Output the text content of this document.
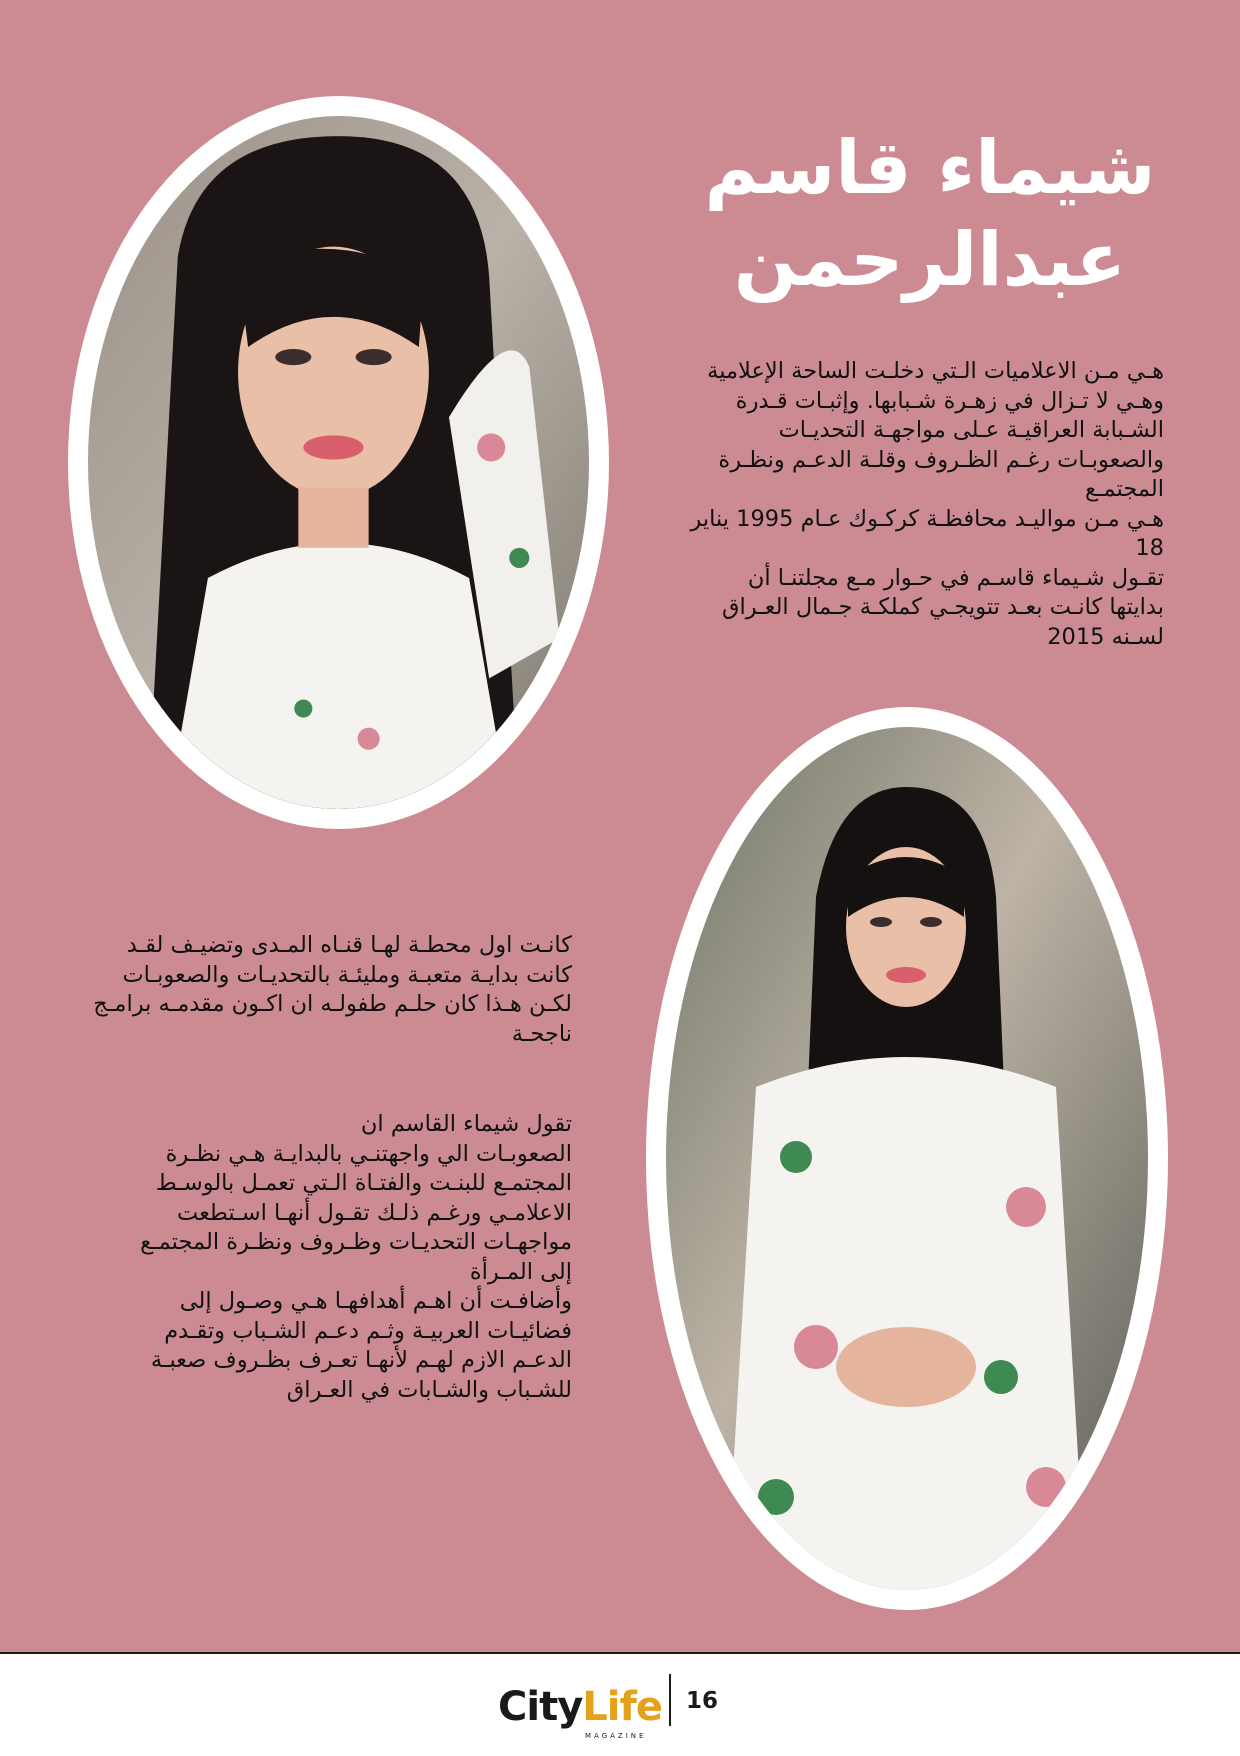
شيماء قاسم
عبدالرحمن
هـي مـن الاعلاميات الـتي دخلـت الساحة الإعلامية
وهـي لا تـزال في زهـرة شـبابها. وإثبـات قـدرة
الشـبابة العراقيـة عـلى مواجهـة التحديـات
والصعوبـات رغـم الظـروف وقلـة الدعـم ونظـرة
المجتمـع
هـي مـن مواليـد محافظـة كركـوك عـام 1995 يناير
18
تقـول شـيماء قاسـم في حـوار مـع مجلتنـا أن
بدايتها كانـت بعـد تتويجـي كملكـة جـمال العـراق
لسـنه 2015
كانـت اول محطـة لهـا قنـاه المـدى وتضيـف لقـد
كانت بدايـة متعبـة ومليئـة بالتحديـات والصعوبـات
لكـن هـذا كان حلـم طفولـه ان اكـون مقدمـه برامـج
ناجحـة
تقول شيماء القاسم ان
الصعوبـات الي واجهتنـي بالبدايـة هـي نظـرة
المجتمـع للبنـت والفتـاة الـتي تعمـل بالوسـط
الاعلامـي ورغـم ذلـك تقـول أنهـا اسـتطعت
مواجهـات التحديـات وظـروف ونظـرة المجتمـع
إلى المـرأة
وأضافـت أن اهـم أهدافهـا هـي وصـول إلى
فضائيـات العربيـة وثـم دعـم الشـباب وتقـدم
الدعـم الازم لهـم لأنهـا تعـرف بظـروف صعبـة
للشـباب والشـابات في العـراق
CityLife
MAGAZINE
16
